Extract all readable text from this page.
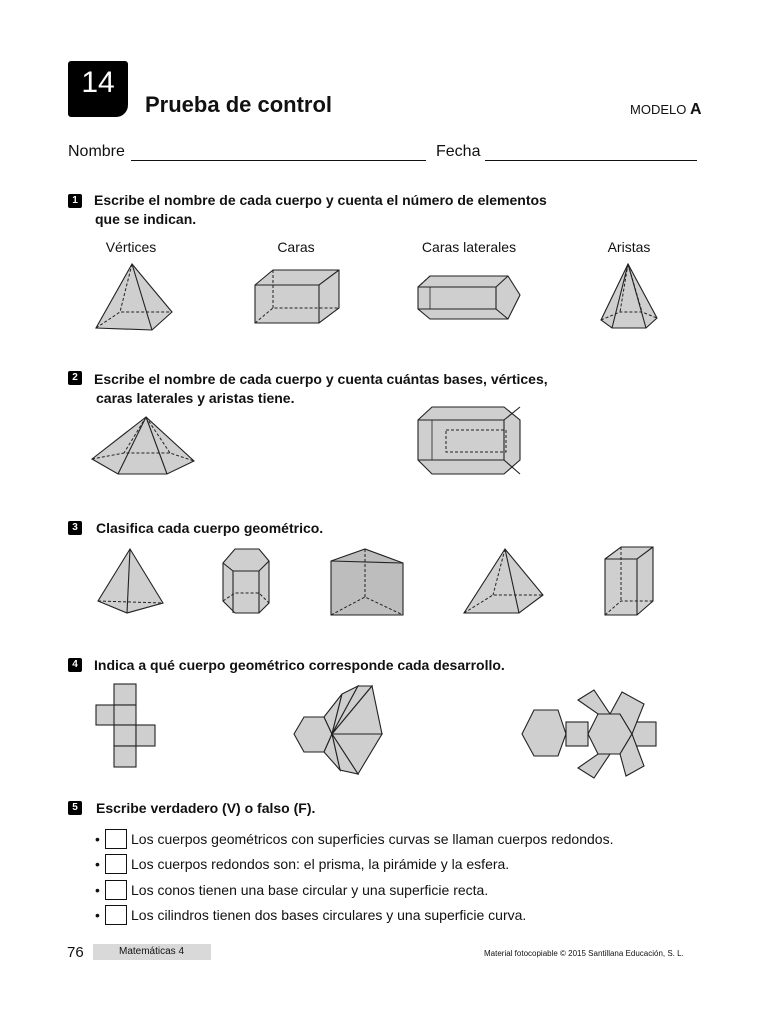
14
Prueba de control	MODELO A
Nombre	Fecha
1	Escribe el nombre de cada cuerpo y cuenta el número de elementos
que se indican.
Vértices	Caras	Caras laterales	Aristas
2	Escribe el nombre de cada cuerpo y cuenta cuántas bases, vértices,
caras laterales y aristas tiene.
3	Clasifica cada cuerpo geométrico.
4	Indica a qué cuerpo geométrico corresponde cada desarrollo.
5	Escribe verdadero (V) o falso (F).
•	Los cuerpos geométricos con superficies curvas se llaman cuerpos redondos.
•	Los cuerpos redondos son: el prisma, la pirámide y la esfera.
•	Los conos tienen una base circular y una superficie recta.
•	Los cilindros tienen dos bases circulares y una superficie curva.
76	Matemáticas 4	Material fotocopiable © 2015 Santillana Educación, S. L.
